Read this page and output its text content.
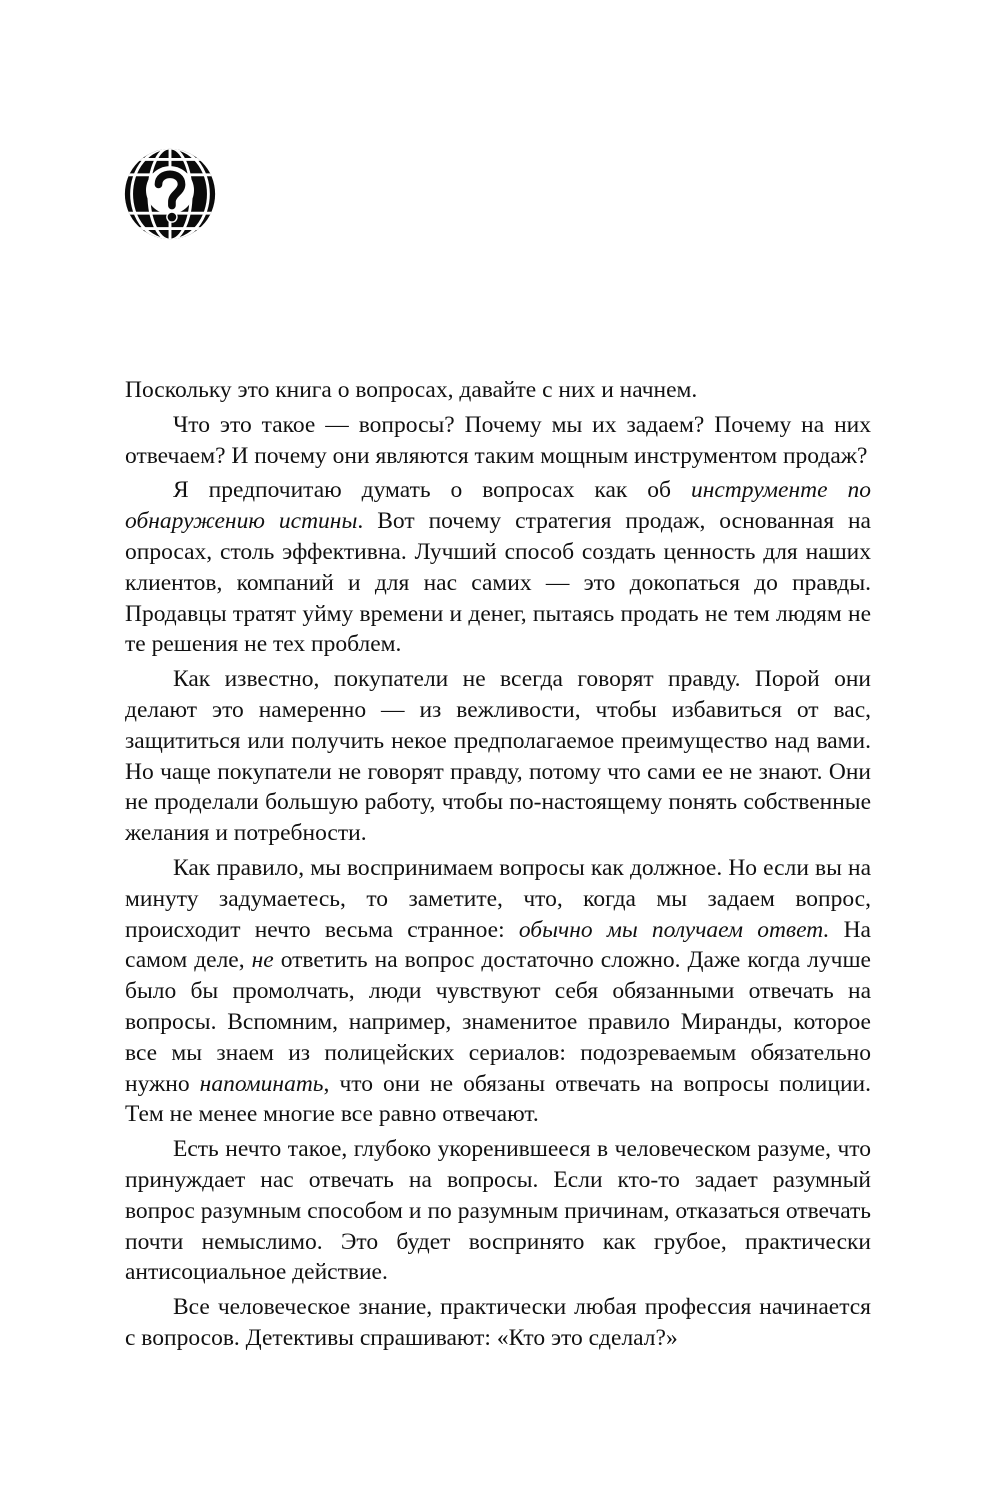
Поскольку это книга о вопросах, давайте с них и начнем.

Что это такое — вопросы? Почему мы их задаем? Почему на них отвечаем? И почему они являются таким мощным инструментом продаж?

Я предпочитаю думать о вопросах как об инструменте по обнаружению истины. Вот почему стратегия продаж, основанная на опросах, столь эффективна. Лучший способ создать ценность для наших клиентов, компаний и для нас самих — это докопаться до правды. Продавцы тратят уйму времени и денег, пытаясь продать не тем людям не те решения не тех проблем.

Как известно, покупатели не всегда говорят правду. Порой они делают это намеренно — из вежливости, чтобы избавиться от вас, защититься или получить некое предполагаемое преимущество над вами. Но чаще покупатели не говорят правду, потому что сами ее не знают. Они не проделали большую работу, чтобы по-настоящему понять собственные желания и потребности.

Как правило, мы воспринимаем вопросы как должное. Но если вы на минуту задумаетесь, то заметите, что, когда мы задаем вопрос, происходит нечто весьма странное: обычно мы получаем ответ. На самом деле, не ответить на вопрос достаточно сложно. Даже когда лучше было бы промолчать, люди чувствуют себя обязанными отвечать на вопросы. Вспомним, например, знаменитое правило Миранды, которое все мы знаем из полицейских сериалов: подозреваемым обязательно нужно напоминать, что они не обязаны отвечать на вопросы полиции. Тем не менее многие все равно отвечают.

Есть нечто такое, глубоко укоренившееся в человеческом разуме, что принуждает нас отвечать на вопросы. Если кто-то задает разумный вопрос разумным способом и по разумным причинам, отказаться отвечать почти немыслимо. Это будет воспринято как грубое, практически антисоциальное действие.

Все человеческое знание, практически любая профессия начинается с вопросов. Детективы спрашивают: «Кто это сделал?»
